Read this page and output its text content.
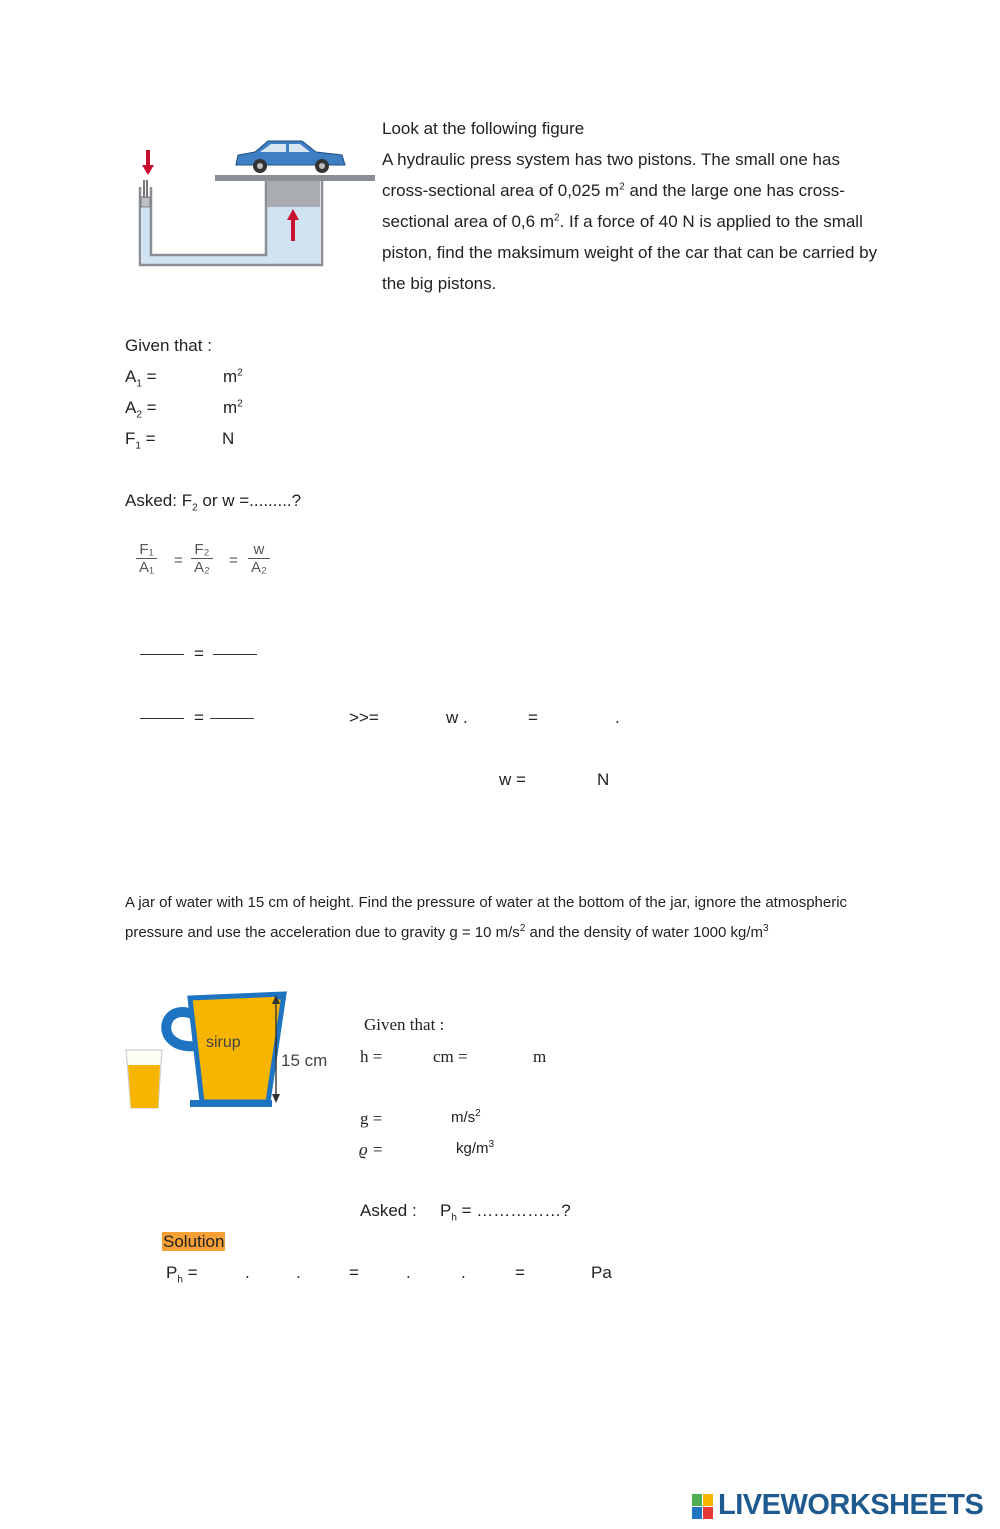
Look at the following figure
A hydraulic press system has two pistons. The small one has cross-sectional area of 0,025 $m^2$ and the large one has cross-sectional area of 0,6 $m^2$. If a force of 40 N is applied to the small piston, find the maksimum weight of the car that can be carried by the big pistons.
Given that :
$A_1$ =	$m^2$
$A_2$ =	$m^2$
$F_1$ =	N
Asked: $F_2$ or w =.........?
$\frac{\text{F₁}}{\text{A₁}} = \frac{\text{F₂}}{\text{A₂}} = \frac{w}{\text{A₂}}$
=
=	>>=	w .	=	.
w =	N
A jar of water with 15 cm of height. Find the pressure of water at the bottom of the jar, ignore the atmospheric pressure and use the acceleration due to gravity g = 10 $m/s^2$ and the density of water 1000 $kg/m^3$
sirup
15 cm
Given that :
h =	cm =	m
g =	$m/s^2$
ϱ =	$kg/m^3$
Asked : $P_h$ = ……………?
Solution
$P_h$ =	.	.	=	.	.	=	Pa
LIVEWORKSHEETS
